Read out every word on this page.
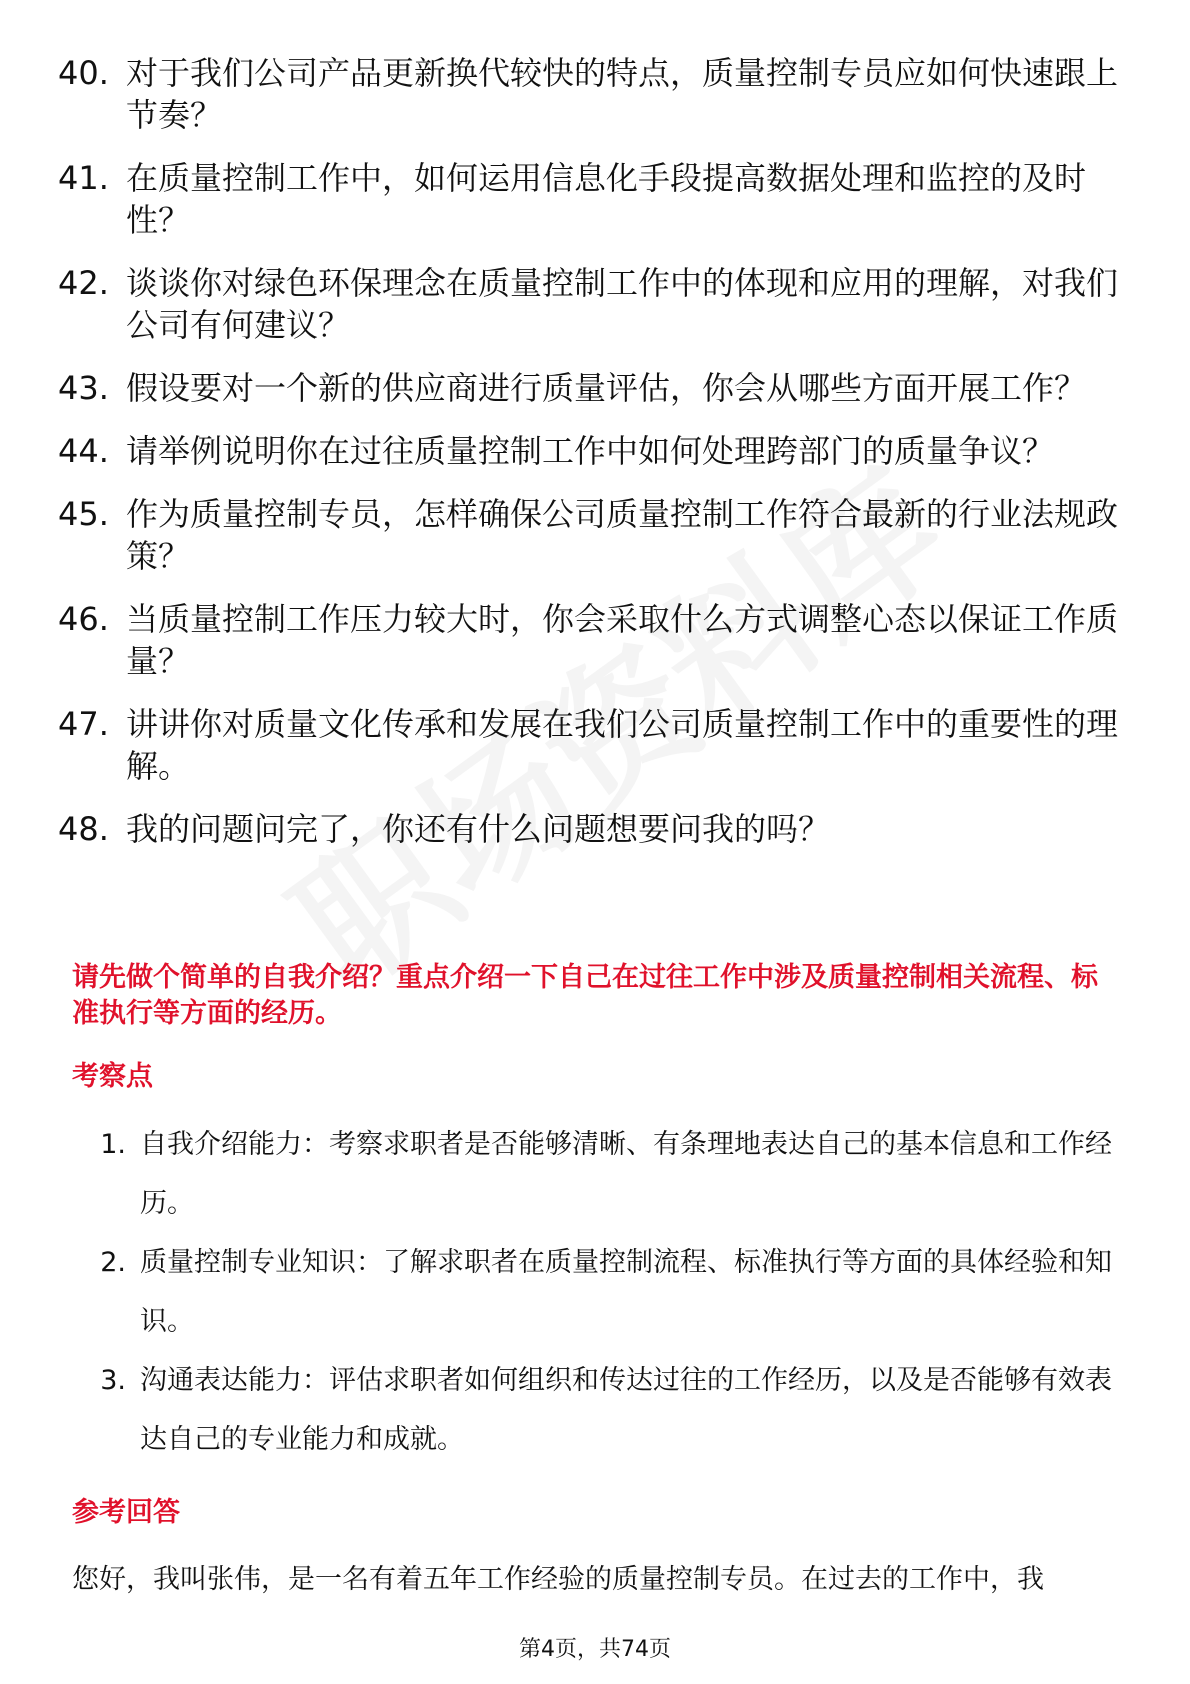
40. 对于我们公司产品更新换代较快的特点，质量控制专员应如何快速跟上节奏？
41. 在质量控制工作中，如何运用信息化手段提高数据处理和监控的及时性？
42. 谈谈你对绿色环保理念在质量控制工作中的体现和应用的理解，对我们公司有何建议？
43. 假设要对一个新的供应商进行质量评估，你会从哪些方面开展工作？
44. 请举例说明你在过往质量控制工作中如何处理跨部门的质量争议？
45. 作为质量控制专员，怎样确保公司质量控制工作符合最新的行业法规政策？
46. 当质量控制工作压力较大时，你会采取什么方式调整心态以保证工作质量？
47. 讲讲你对质量文化传承和发展在我们公司质量控制工作中的重要性的理解。
48. 我的问题问完了，你还有什么问题想要问我的吗？
请先做个简单的自我介绍？重点介绍一下自己在过往工作中涉及质量控制相关流程、标准执行等方面的经历。
考察点
1. 自我介绍能力：考察求职者是否能够清晰、有条理地表达自己的基本信息和工作经历。
2. 质量控制专业知识：了解求职者在质量控制流程、标准执行等方面的具体经验和知识。
3. 沟通表达能力：评估求职者如何组织和传达过往的工作经历，以及是否能够有效表达自己的专业能力和成就。
参考回答
您好，我叫张伟，是一名有着五年工作经验的质量控制专员。在过去的工作中，我
第4页，共74页
